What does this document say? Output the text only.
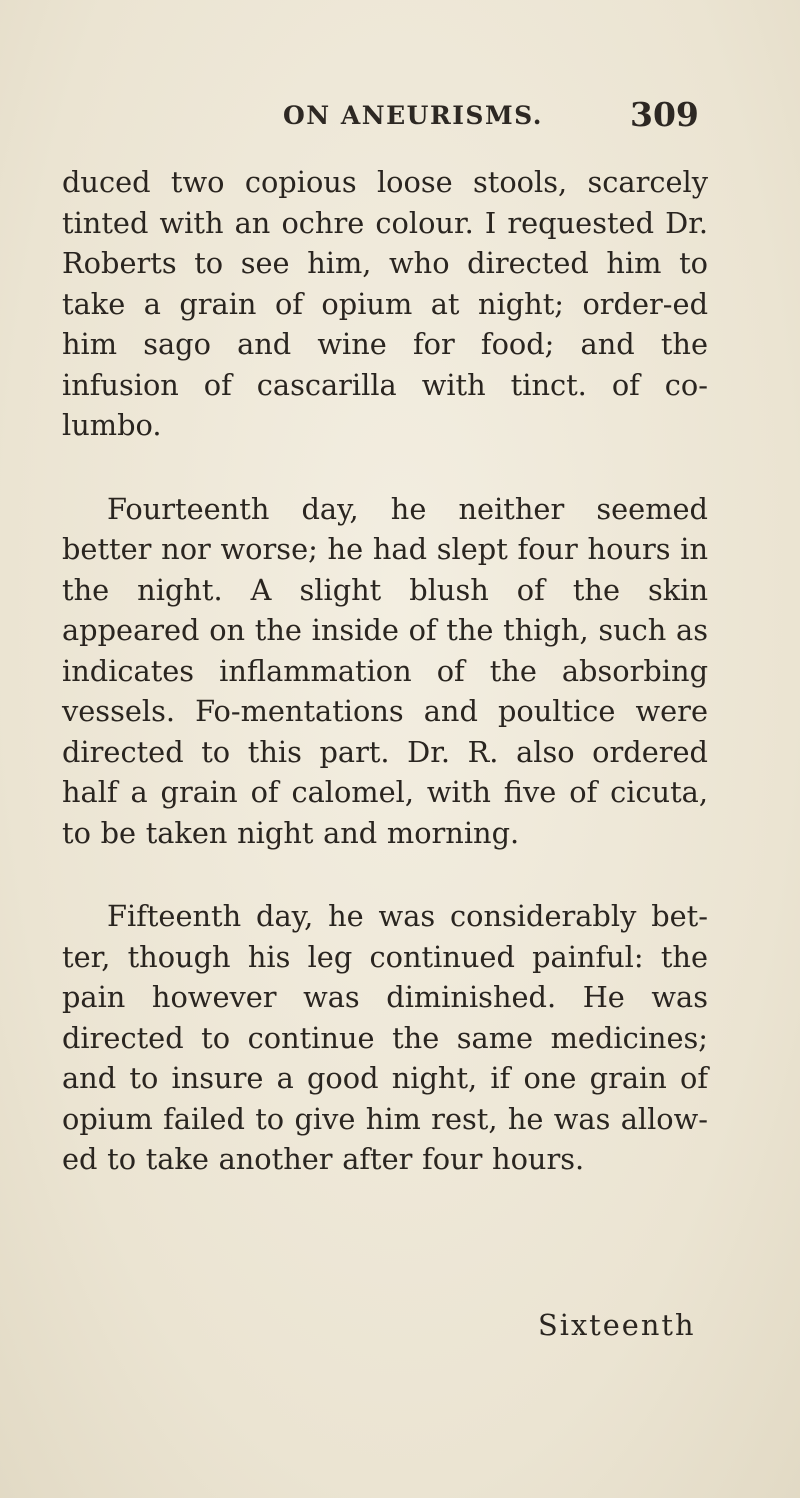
ON ANEURISMS.	309

duced two copious loose stools, scarcely tinted with an ochre colour. I requested Dr. Roberts to see him, who directed him to take a grain of opium at night; order-ed him sago and wine for food; and the infusion of cascarilla with tinct. of co-lumbo.

Fourteenth day, he neither seemed better nor worse; he had slept four hours in the night. A slight blush of the skin appeared on the inside of the thigh, such as indicates inflammation of the absorbing vessels. Fo-mentations and poultice were directed to this part. Dr. R. also ordered half a grain of calomel, with five of cicuta, to be taken night and morning.

Fifteenth day, he was considerably bet-ter, though his leg continued painful: the pain however was diminished. He was directed to continue the same medicines; and to insure a good night, if one grain of opium failed to give him rest, he was allow-ed to take another after four hours.

Sixteenth
